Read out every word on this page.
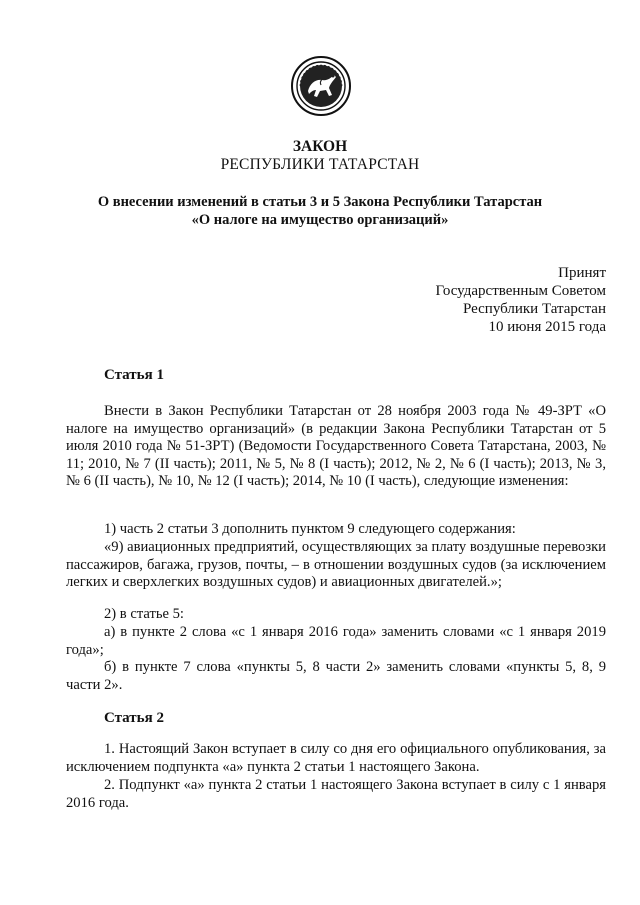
ЗАКОН
РЕСПУБЛИКИ ТАТАРСТАН
О внесении изменений в статьи 3 и 5 Закона Республики Татарстан
«О налоге на имущество организаций»
Принят
Государственным Советом
Республики Татарстан
10 июня 2015 года
Статья 1
Внести в Закон Республики Татарстан от 28 ноября 2003 года № 49-ЗРТ «О налоге на имущество организаций» (в редакции Закона Республики Татарстан от 5 июля 2010 года № 51-ЗРТ) (Ведомости Государственного Совета Татарстана, 2003, № 11; 2010, № 7 (II часть); 2011, № 5, № 8 (I часть); 2012, № 2, № 6 (I часть); 2013, № 3, № 6 (II часть), № 10, № 12 (I часть); 2014, № 10 (I часть), следующие изменения:
1) часть 2 статьи 3 дополнить пунктом 9 следующего содержания:
«9) авиационных предприятий, осуществляющих за плату воздушные перевозки пассажиров, багажа, грузов, почты, – в отношении воздушных судов (за исключением легких и сверхлегких воздушных судов) и авиационных двигателей.»;
2) в статье 5:
а) в пункте 2 слова «с 1 января 2016 года» заменить словами «с 1 января 2019 года»;
б) в пункте 7 слова «пункты 5, 8 части 2» заменить словами «пункты 5, 8, 9 части 2».
Статья 2
1. Настоящий Закон вступает в силу со дня его официального опубликования, за исключением подпункта «а» пункта 2 статьи 1 настоящего Закона.
2. Подпункт «а» пункта 2 статьи 1 настоящего Закона вступает в силу с 1 января 2016 года.
